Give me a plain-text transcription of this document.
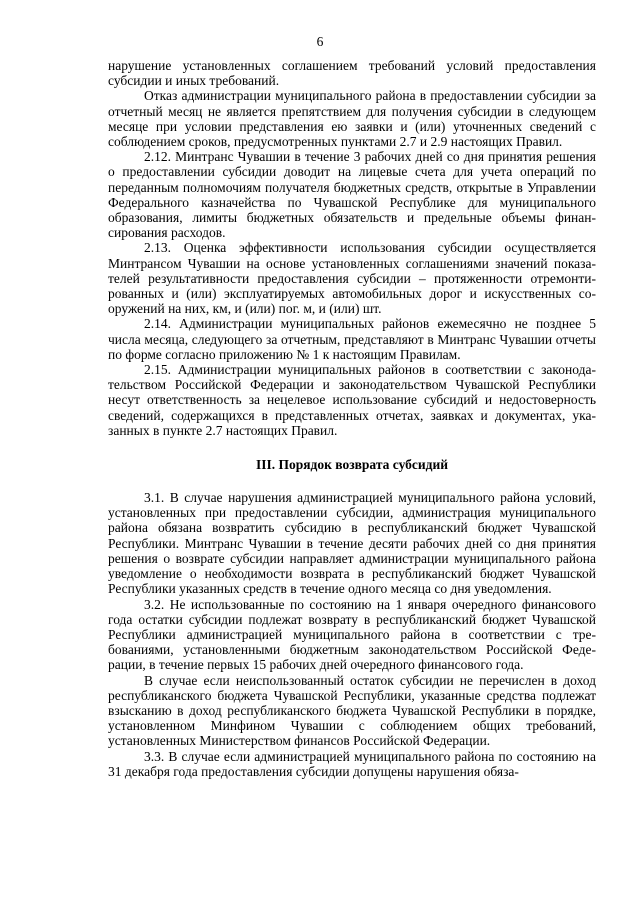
6

нарушение установленных соглашением требований условий предоставления субсидии и иных требований.

Отказ администрации муниципального района в предоставлении субсидии за отчетный месяц не является препятствием для получения субсидии в следующем месяце при условии представления ею заявки и (или) уточненных сведений с соблюдением сроков, предусмотренных пунктами 2.7 и 2.9 настоящих Правил.

2.12. Минтранс Чувашии в течение 3 рабочих дней со дня принятия решения о предоставлении субсидии доводит на лицевые счета для учета операций по переданным полномочиям получателя бюджетных средств, открытые в Управлении Федерального казначейства по Чувашской Республике для муниципального образования, лимиты бюджетных обязательств и предельные объемы финансирования расходов.

2.13. Оценка эффективности использования субсидии осуществляется Минтрансом Чувашии на основе установленных соглашениями значений показателей результативности предоставления субсидии – протяженности отремонтированных и (или) эксплуатируемых автомобильных дорог и искусственных сооружений на них, км, и (или) пог. м, и (или) шт.

2.14. Администрации муниципальных районов ежемесячно не позднее 5 числа месяца, следующего за отчетным, представляют в Минтранс Чувашии отчеты по форме согласно приложению № 1 к настоящим Правилам.

2.15. Администрации муниципальных районов в соответствии с законодательством Российской Федерации и законодательством Чувашской Республики несут ответственность за нецелевое использование субсидий и недостоверность сведений, содержащихся в представленных отчетах, заявках и документах, указанных в пункте 2.7 настоящих Правил.

III. Порядок возврата субсидий

3.1. В случае нарушения администрацией муниципального района условий, установленных при предоставлении субсидии, администрация муниципального района обязана возвратить субсидию в республиканский бюджет Чувашской Республики. Минтранс Чувашии в течение десяти рабочих дней со дня принятия решения о возврате субсидии направляет администрации муниципального района уведомление о необходимости возврата в республиканский бюджет Чувашской Республики указанных средств в течение одного месяца со дня уведомления.

3.2. Не использованные по состоянию на 1 января очередного финансового года остатки субсидии подлежат возврату в республиканский бюджет Чувашской Республики администрацией муниципального района в соответствии с требованиями, установленными бюджетным законодательством Российской Федерации, в течение первых 15 рабочих дней очередного финансового года.

В случае если неиспользованный остаток субсидии не перечислен в доход республиканского бюджета Чувашской Республики, указанные средства подлежат взысканию в доход республиканского бюджета Чувашской Республики в порядке, установленном Минфином Чувашии с соблюдением общих требований, установленных Министерством финансов Российской Федерации.

3.3. В случае если администрацией муниципального района по состоянию на 31 декабря года предоставления субсидии допущены нарушения обяза-
